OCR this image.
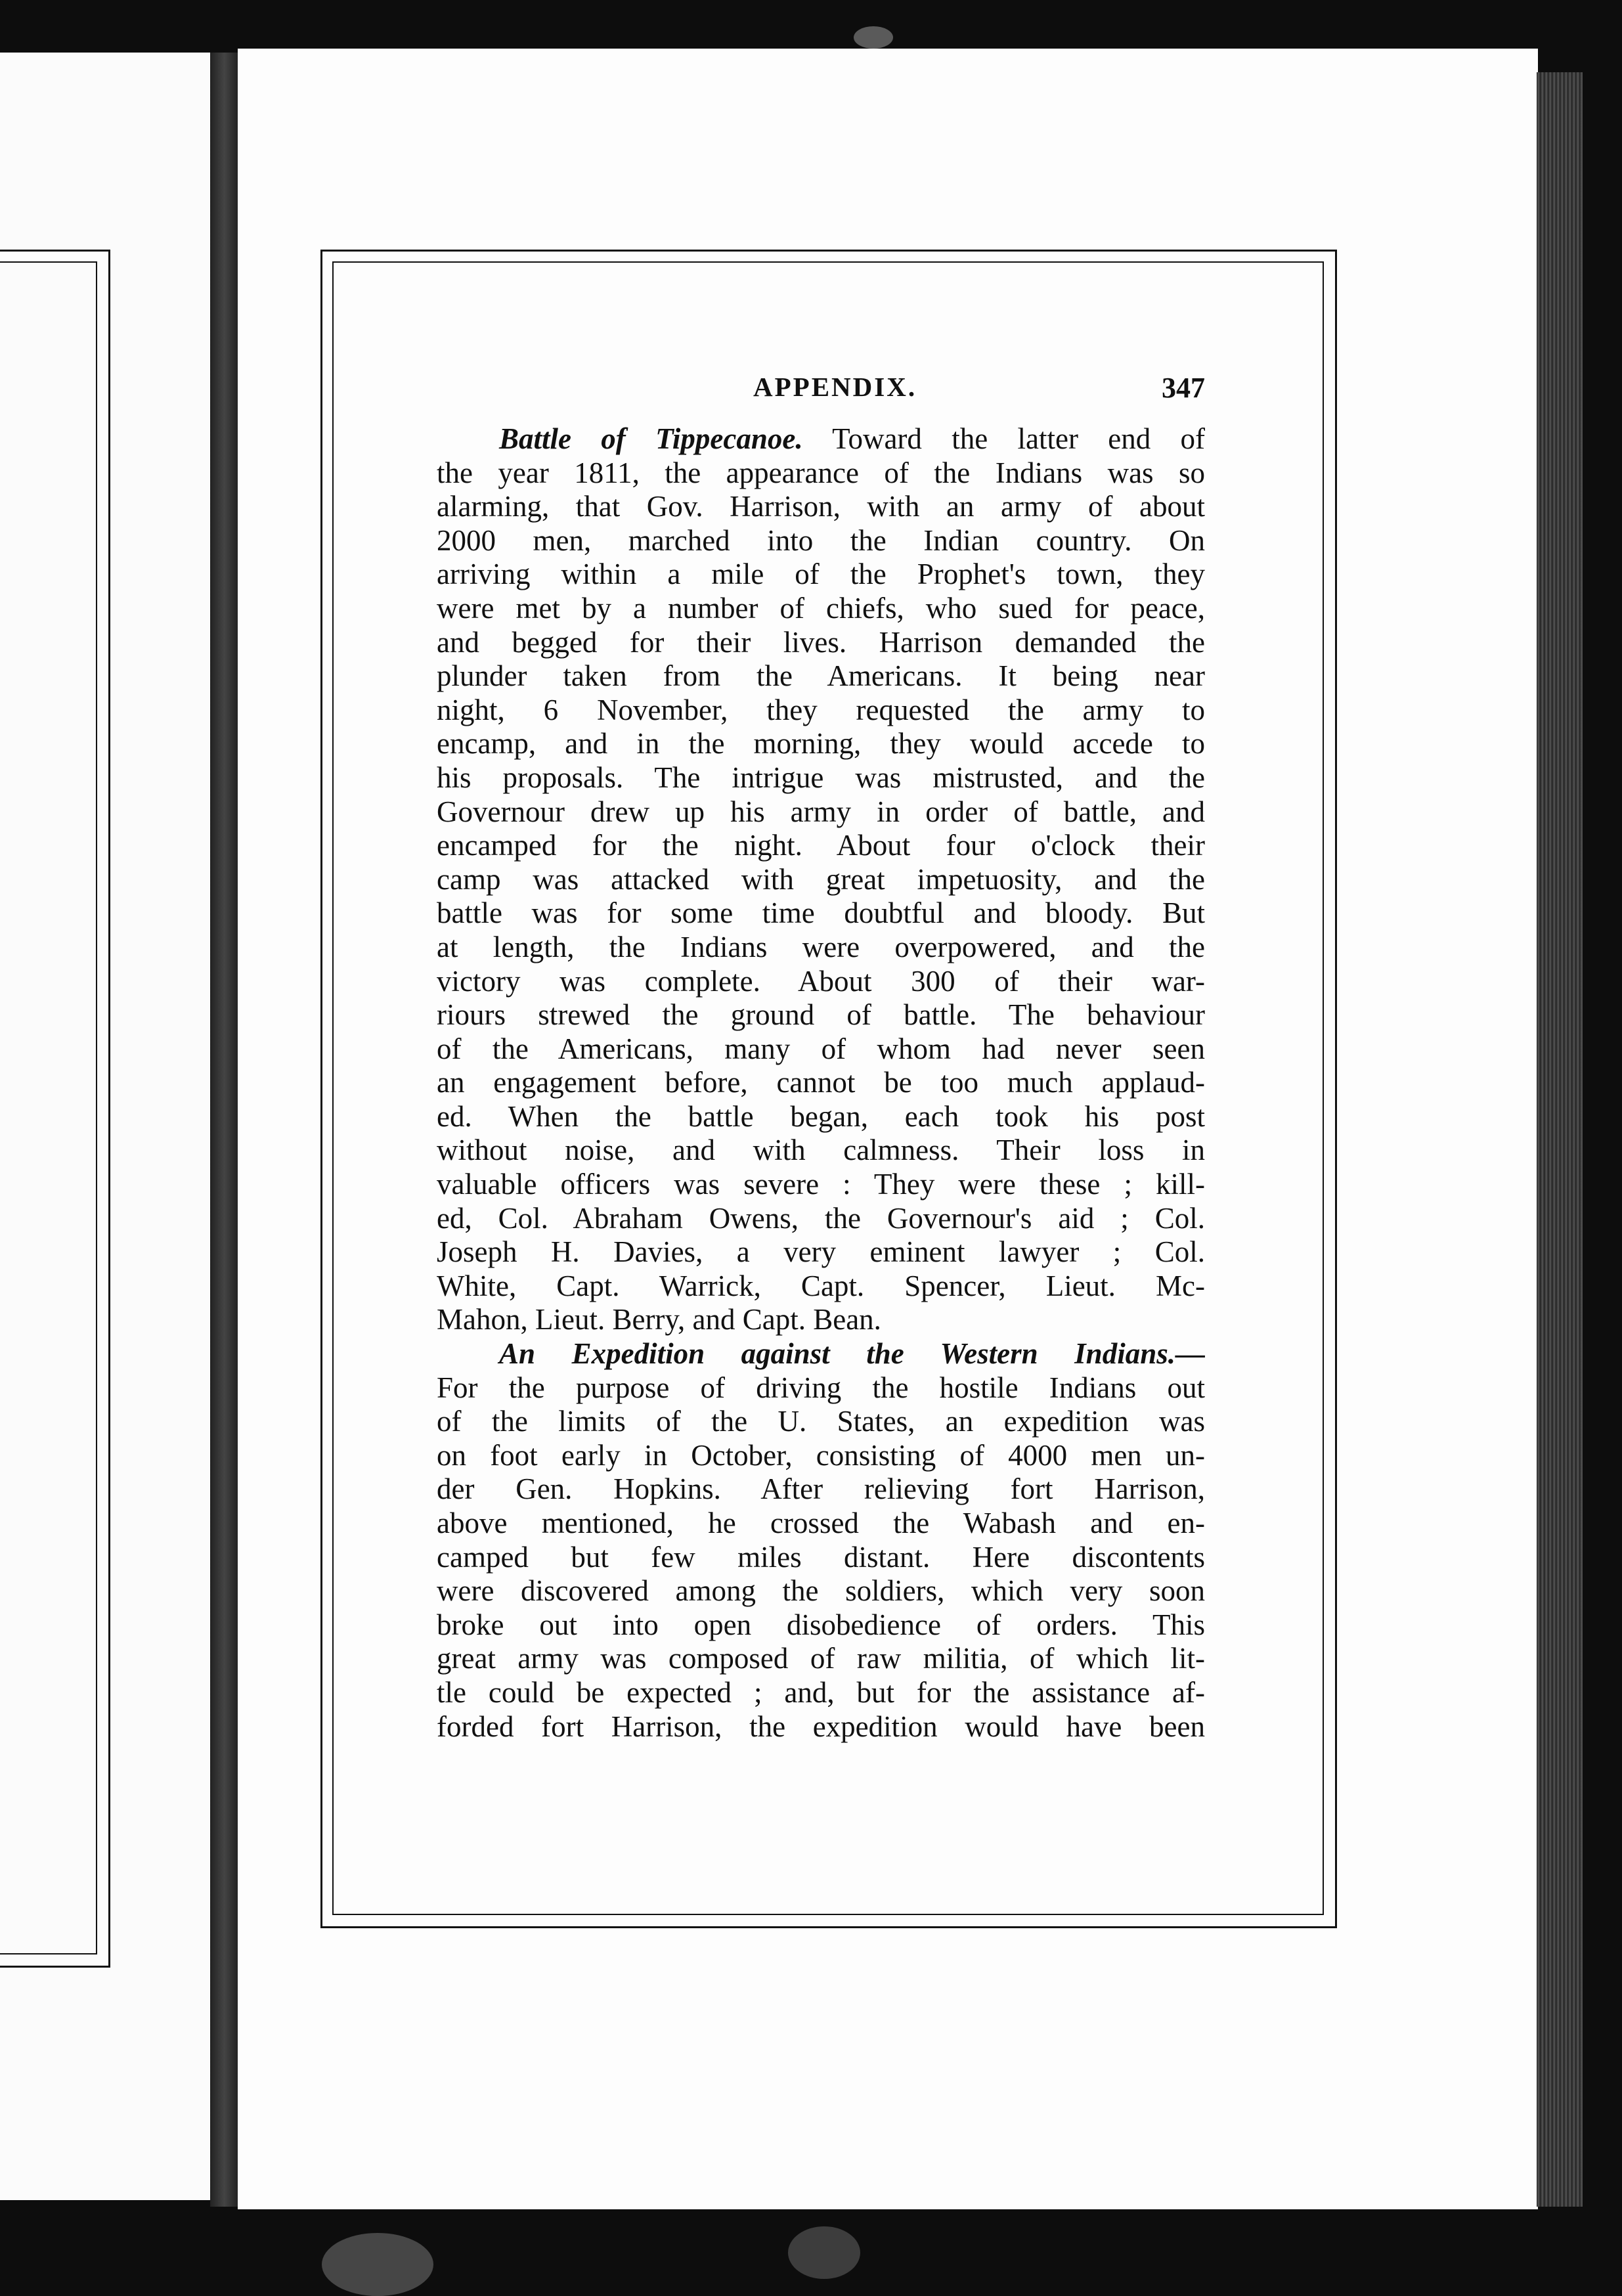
APPENDIX.	347
Battle of Tippecanoe. Toward the latter end of
the year 1811, the appearance of the Indians was so
alarming, that Gov. Harrison, with an army of about
2000 men, marched into the Indian country. On
arriving within a mile of the Prophet's town, they
were met by a number of chiefs, who sued for peace,
and begged for their lives. Harrison demanded the
plunder taken from the Americans. It being near
night, 6 November, they requested the army to
encamp, and in the morning, they would accede to
his proposals. The intrigue was mistrusted, and the
Governour drew up his army in order of battle, and
encamped for the night. About four o'clock their
camp was attacked with great impetuosity, and the
battle was for some time doubtful and bloody. But
at length, the Indians were overpowered, and the
victory was complete. About 300 of their war-
riours strewed the ground of battle. The behaviour
of the Americans, many of whom had never seen
an engagement before, cannot be too much applaud-
ed. When the battle began, each took his post
without noise, and with calmness. Their loss in
valuable officers was severe : They were these ; kill-
ed, Col. Abraham Owens, the Governour's aid ; Col.
Joseph H. Davies, a very eminent lawyer ; Col.
White, Capt. Warrick, Capt. Spencer, Lieut. Mc-
Mahon, Lieut. Berry, and Capt. Bean.
An Expedition against the Western Indians.—
For the purpose of driving the hostile Indians out
of the limits of the U. States, an expedition was
on foot early in October, consisting of 4000 men un-
der Gen. Hopkins. After relieving fort Harrison,
above mentioned, he crossed the Wabash and en-
camped but few miles distant. Here discontents
were discovered among the soldiers, which very soon
broke out into open disobedience of orders. This
great army was composed of raw militia, of which lit-
tle could be expected ; and, but for the assistance af-
forded fort Harrison, the expedition would have been
